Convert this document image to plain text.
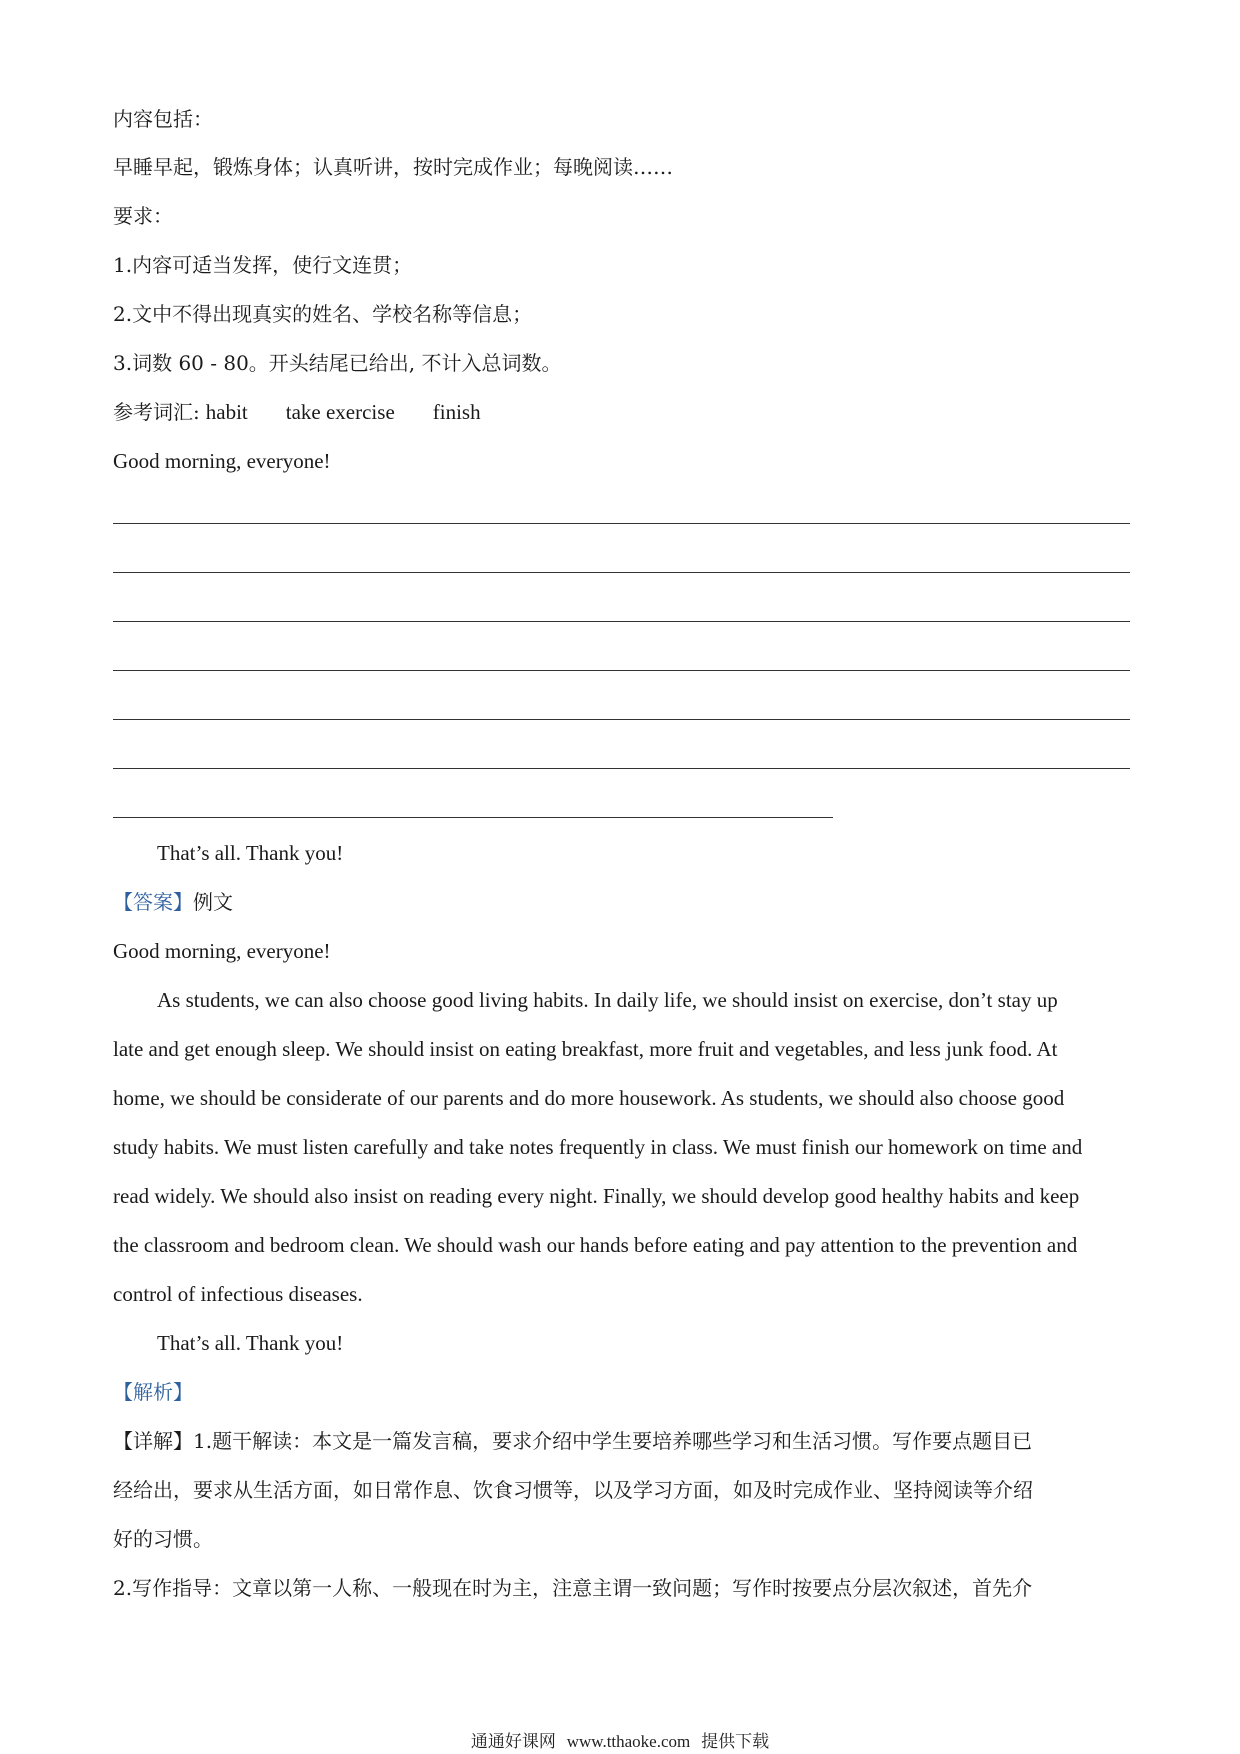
内容包括：
早睡早起，锻炼身体；认真听讲，按时完成作业；每晚阅读……
要求：
1.内容可适当发挥，使行文连贯；
2.文中不得出现真实的姓名、学校名称等信息；
3.词数 60 - 80。开头结尾已给出, 不计入总词数。
参考词汇: habit take exercise finish
Good morning, everyone!
That’s all. Thank you!
【答案】例文
Good morning, everyone!
As students, we can also choose good living habits. In daily life, we should insist on exercise, don’t stay up
late and get enough sleep. We should insist on eating breakfast, more fruit and vegetables, and less junk food. At
home, we should be considerate of our parents and do more housework. As students, we should also choose good
study habits. We must listen carefully and take notes frequently in class. We must finish our homework on time and
read widely. We should also insist on reading every night. Finally, we should develop good healthy habits and keep
the classroom and bedroom clean. We should wash our hands before eating and pay attention to the prevention and
control of infectious diseases.
That’s all. Thank you!
【解析】
【详解】1.题干解读：本文是一篇发言稿，要求介绍中学生要培养哪些学习和生活习惯。写作要点题目已
经给出，要求从生活方面，如日常作息、饮食习惯等，以及学习方面，如及时完成作业、坚持阅读等介绍
好的习惯。
2.写作指导：文章以第一人称、一般现在时为主，注意主谓一致问题；写作时按要点分层次叙述，首先介
通通好课网 www.tthaoke.com 提供下载
